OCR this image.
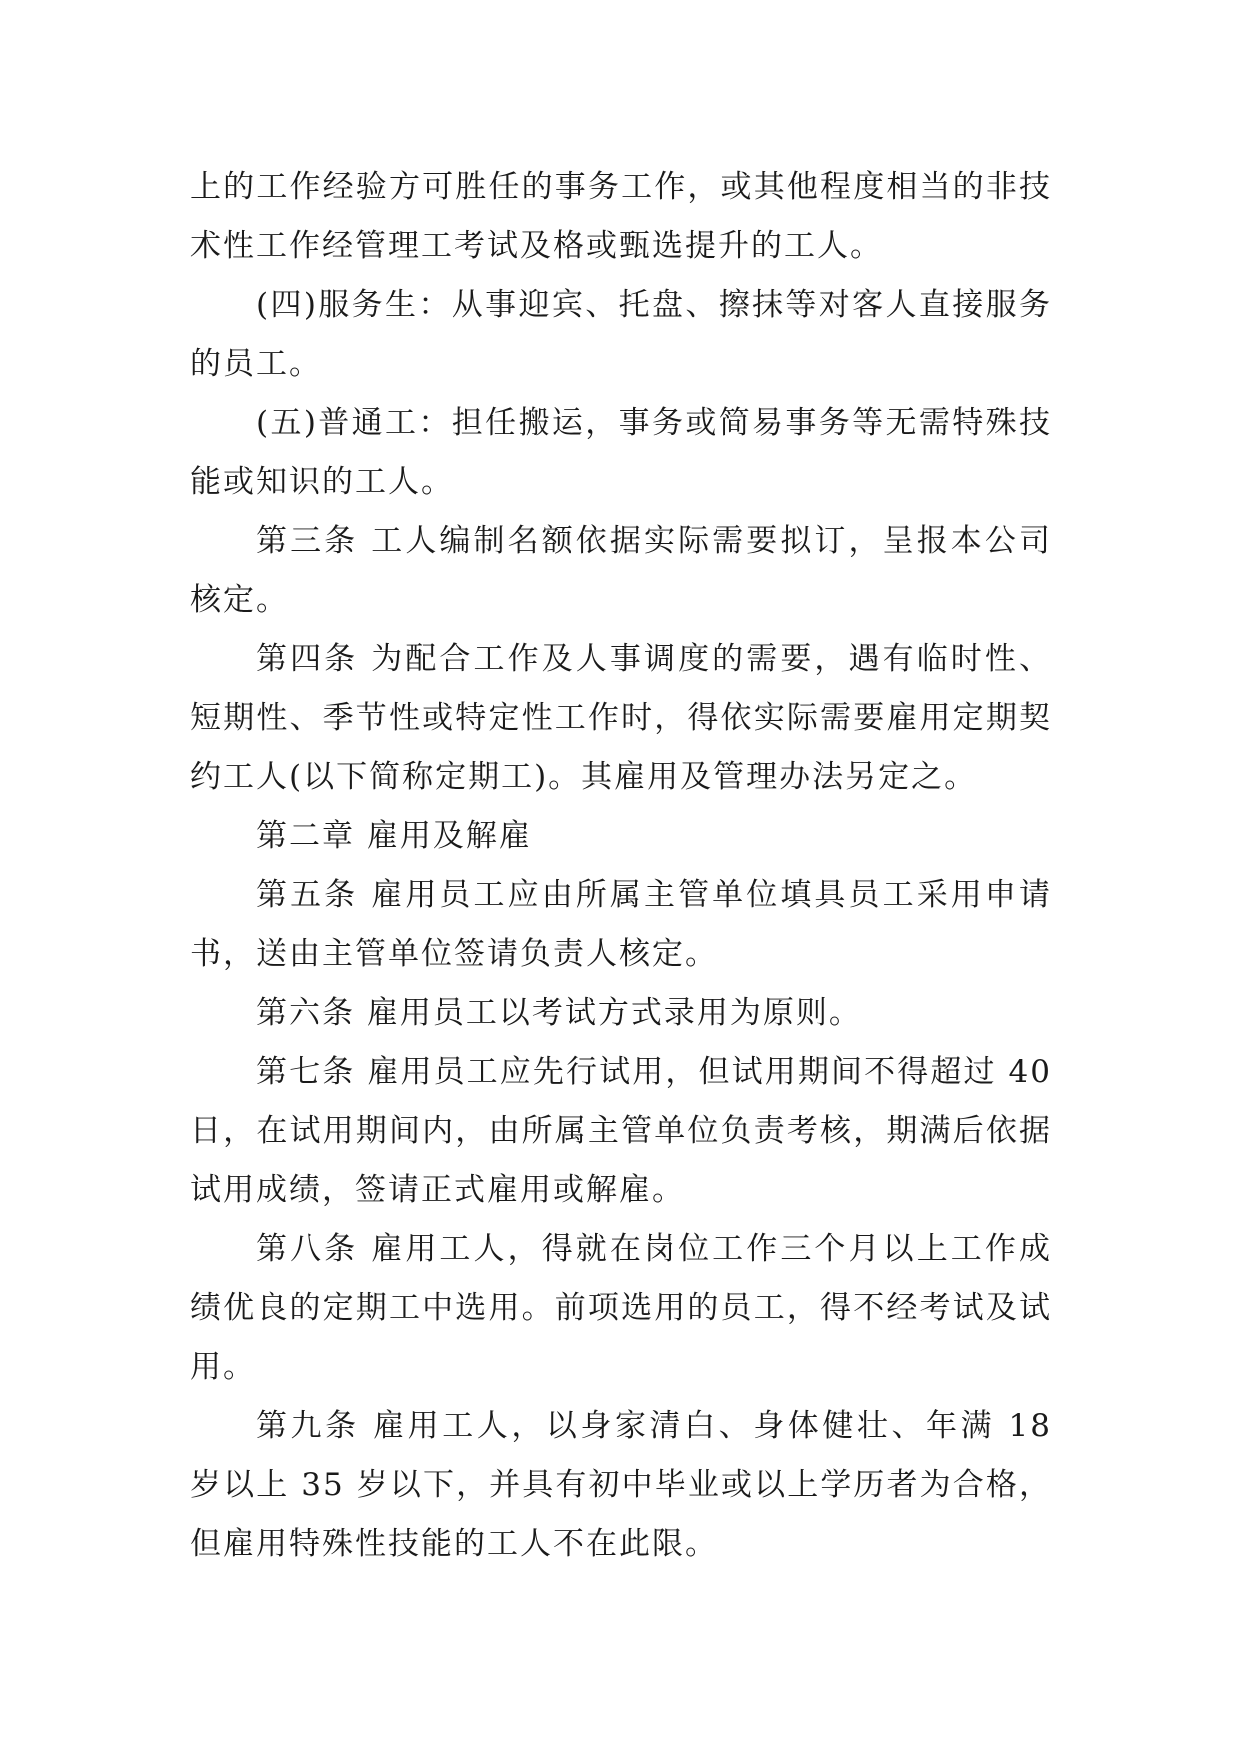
上的工作经验方可胜任的事务工作，或其他程度相当的非技术性工作经管理工考试及格或甄选提升的工人。

(四)服务生：从事迎宾、托盘、擦抹等对客人直接服务的员工。

(五)普通工：担任搬运，事务或简易事务等无需特殊技能或知识的工人。

第三条 工人编制名额依据实际需要拟订，呈报本公司核定。

第四条 为配合工作及人事调度的需要，遇有临时性、短期性、季节性或特定性工作时，得依实际需要雇用定期契约工人(以下简称定期工)。其雇用及管理办法另定之。

第二章 雇用及解雇

第五条 雇用员工应由所属主管单位填具员工采用申请书，送由主管单位签请负责人核定。

第六条 雇用员工以考试方式录用为原则。

第七条 雇用员工应先行试用，但试用期间不得超过 40日，在试用期间内，由所属主管单位负责考核，期满后依据试用成绩，签请正式雇用或解雇。

第八条 雇用工人，得就在岗位工作三个月以上工作成绩优良的定期工中选用。前项选用的员工，得不经考试及试用。

第九条 雇用工人，以身家清白、身体健壮、年满 18 岁以上 35 岁以下，并具有初中毕业或以上学历者为合格，但雇用特殊性技能的工人不在此限。
